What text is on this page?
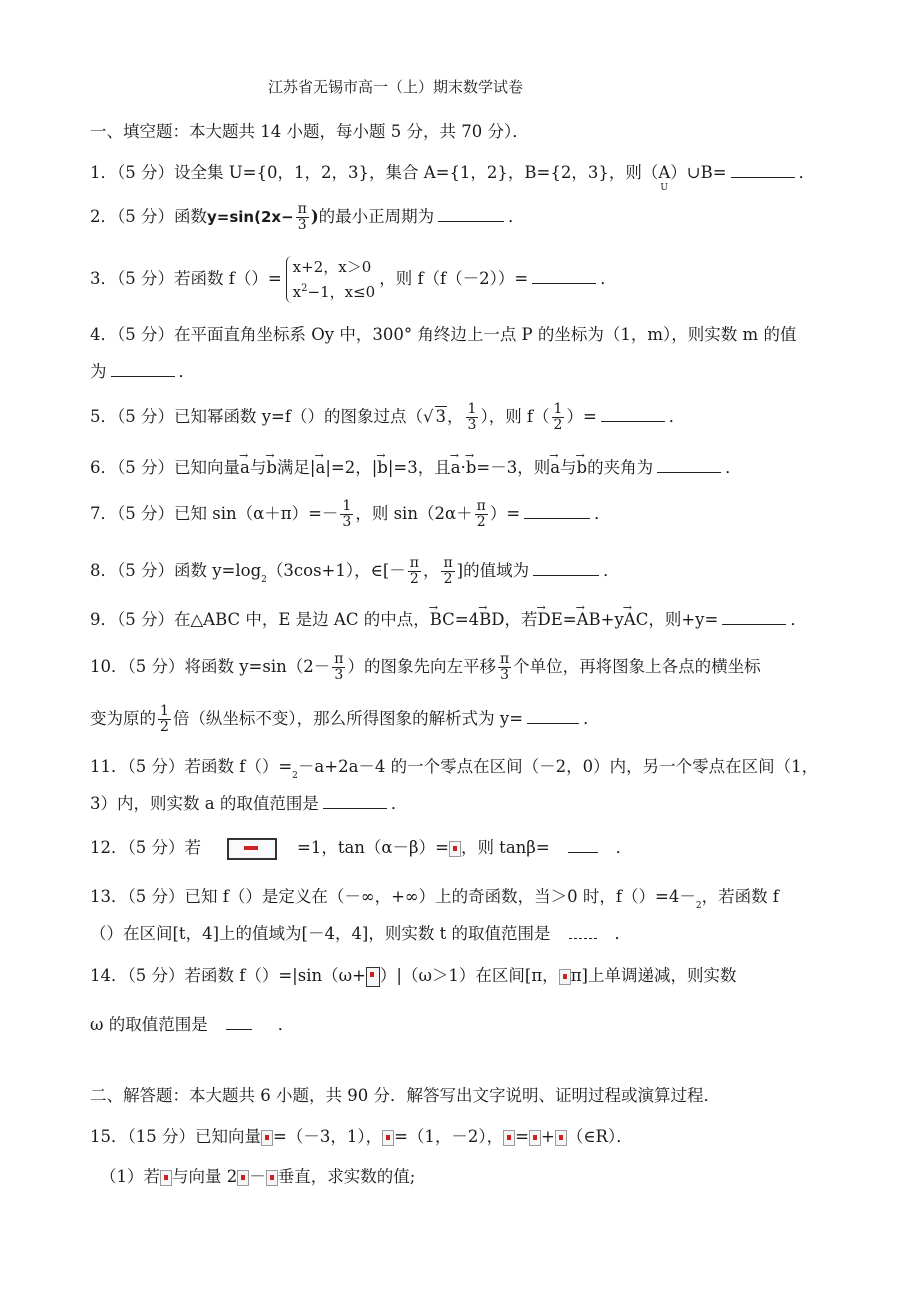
江苏省无锡市高一（上）期末数学试卷
一、填空题：本大题共 14 小题，每小题 5 分，共 70 分）．
1．（5 分）设全集 U={0，1，2，3}，集合 A={1，2}，B={2，3}，则（
U
A）∪B=	．
2．（5 分）函数$y=\sin(2x- \frac{\pi}{3}$ )的最小正周期为	．
3．（5 分）若函数 f（）=
x+2，x＞0
$x^2-1$，x≤0
，则 f（f（－2））=	．
4．（5 分）在平面直角坐标系 Oy 中，300° 角终边上一点 P 的坐标为（1，m），则实数 m 的值
为	．
5．（5 分）已知幂函数 y=f（）的图象过点（√ 3， $\frac{1}{3}$ ），则 $f( \frac{1}{2}$ ）=	．
6．（5 分）已知向量→ a与→ b满足|→ a|=2，|→ b|=3，且→ a·→ b=－3，则→ a与→ b的夹角为	．
7．（5 分）已知 $\sin(\alpha+\pi)=- \frac{1}{3}$ ，则 $\sin(2\alpha+ \frac{\pi}{2}$ ）=	．
8．（5 分）函数 $y=\log_2(3\cos+1)$，∈[－ $\frac{\pi}{2}$ ， $\frac{\pi}{2}$ ]的值域为	．
9．（5 分）在△ABC 中，E 是边 AC 的中点，→ BC=4→ BD，若→ DE=→ AB+y→ AC，则+y=	．
10．（5 分）将函数 $y=\sin(2- \frac{\pi}{3}$ ）的图象先向左平移 $\frac{\pi}{3}$ 个单位，再将图象上各点的横坐标
变为原的 $\frac{1}{2}$ 倍（纵坐标不变），那么所得图象的解析式为 y=	．
11．（5 分）若函数 $f()=_2-a+2a-4$ 的一个零点在区间（－2，0）内，另一个零点在区间（1，
3）内，则实数 a 的取值范围是	．
12．（5 分）若	=1，tan（α－β）= ，则 tanβ=	．
13．（5 分）已知 f（）是定义在（－∞，+∞）上的奇函数，当＞0 时，$f()=4-_2$，若函数 f
（）在区间[t，4]上的值域为[－4，4]，则实数 t 的取值范围是	．
14．（5 分）若函数 f（）=|sin（ω+ ）|（ω＞1）在区间[π， π]上单调递减，则实数
ω 的取值范围是	．
二、解答题：本大题共 6 小题，共 90 分．解答写出文字说明、证明过程或演算过程．
15．（15 分）已知向量 =（－3，1）， =（1，－2）， = + （∈R）．
（1）若 与向量 2 － 垂直，求实数的值;
